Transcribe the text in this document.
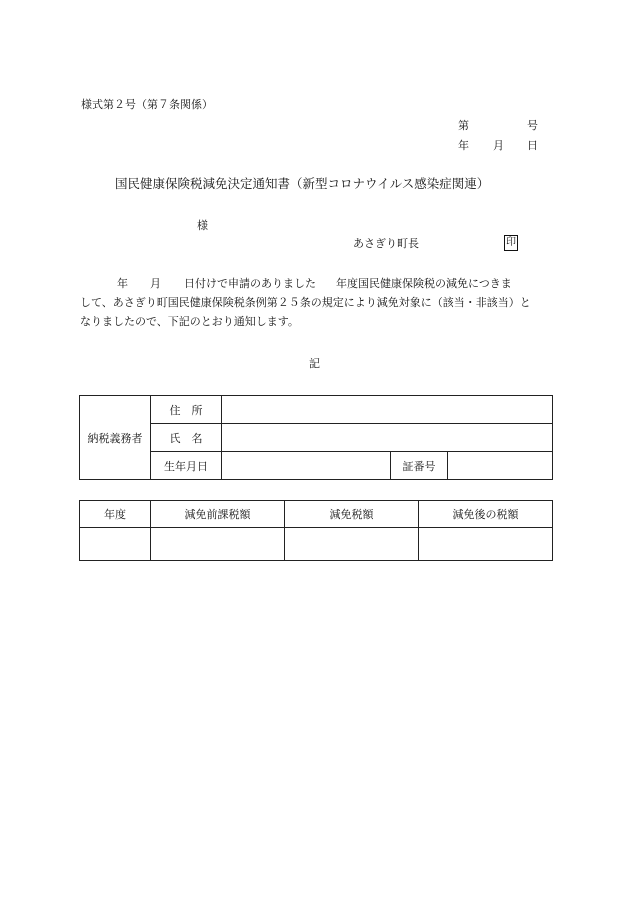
様式第２号（第７条関係）
第	号
年 月 日
国民健康保険税減免決定通知書（新型コロナウイルス感染症関連）
様
あさぎり町長	印
年 月 日付けで申請のありました 年度国民健康保険税の減免につきま
して、あさぎり町国民健康保険税条例第２５条の規定により減免対象に（該当・非該当）と
なりましたので、下記のとおり通知します。
記
納税義務者	住　所			
	氏　名			
	生年月日		証番号	
年度	減免前課税額	減免税額	減免後の税額
